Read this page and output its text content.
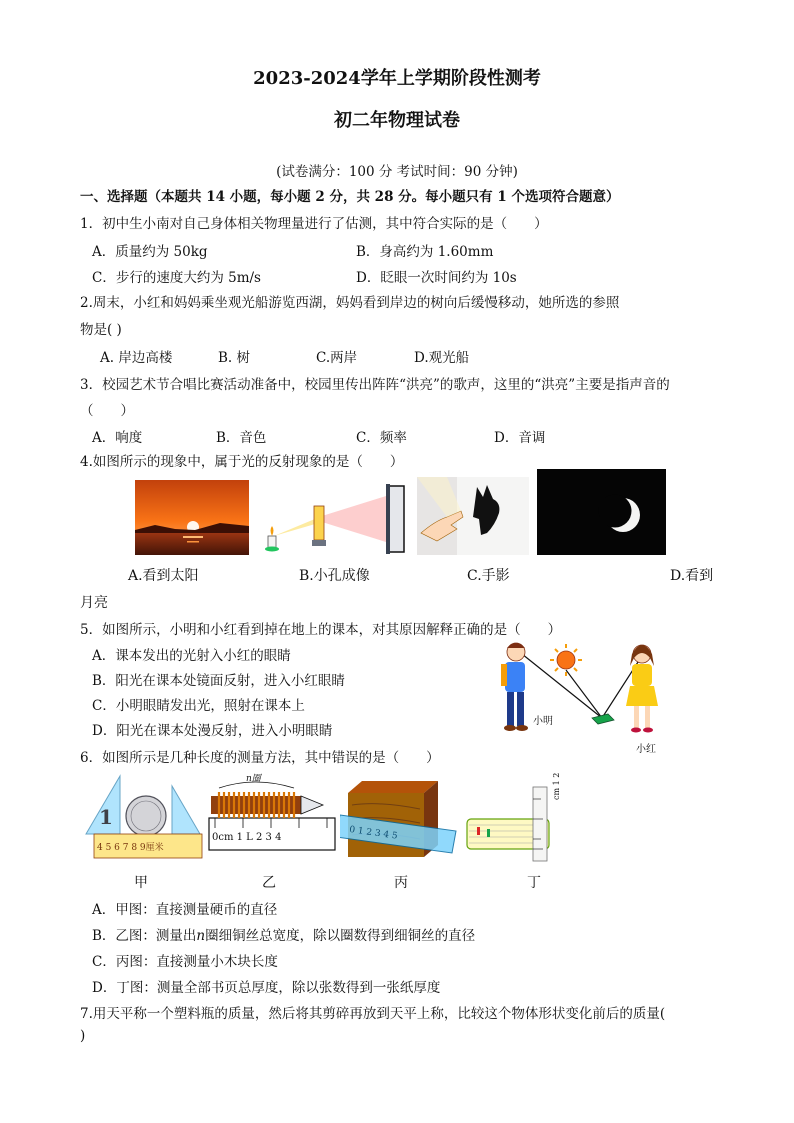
2023-2024学年上学期阶段性测考
初二年物理试卷
(试卷满分：100 分 考试时间：90 分钟)
一、选择题（本题共 14 小题，每小题 2 分，共 28 分。每小题只有 1 个选项符合题意）
1．初中生小南对自己身体相关物理量进行了估测，其中符合实际的是（　　）
A．质量约为 50kg	B．身高约为 1.60mm
C．步行的速度大约为 5m/s	D．眨眼一次时间约为 10s
2.周末，小红和妈妈乘坐观光船游览西湖，妈妈看到岸边的树向后缓慢移动，她所选的参照
物是( )
A. 岸边高楼	B. 树	C.两岸	D.观光船
3．校园艺术节合唱比赛活动准备中，校园里传出阵阵“洪亮”的歌声，这里的“洪亮”主要是指声音的
（　　）
A．响度	B．音色	C．频率	D．音调
4.如图所示的现象中，属于光的反射现象的是（　　）
A.看到太阳	B.小孔成像	C.手影	D.看到
月亮
5．如图所示，小明和小红看到掉在地上的课本，对其原因解释正确的是（　　）
A．课本发出的光射入小红的眼睛
B．阳光在课本处镜面反射，进入小红眼睛
C．小明眼睛发出光，照射在课本上
D．阳光在课本处漫反射，进入小明眼睛
小明
小红
6．如图所示是几种长度的测量方法，其中错误的是（　　）
1
4 5 6 7 8 9厘米
n圈
0cm 1 L 2 3 4	0 1 2 3 4 5
cm 1 2
甲	乙	丙	丁
A．甲图：直接测量硬币的直径
B．乙图：测量出n圈细铜丝总宽度，除以圈数得到细铜丝的直径
C．丙图：直接测量小木块长度
D．丁图：测量全部书页总厚度，除以张数得到一张纸厚度
7.用天平称一个塑料瓶的质量，然后将其剪碎再放到天平上称，比较这个物体形状变化前后的质量(
)
